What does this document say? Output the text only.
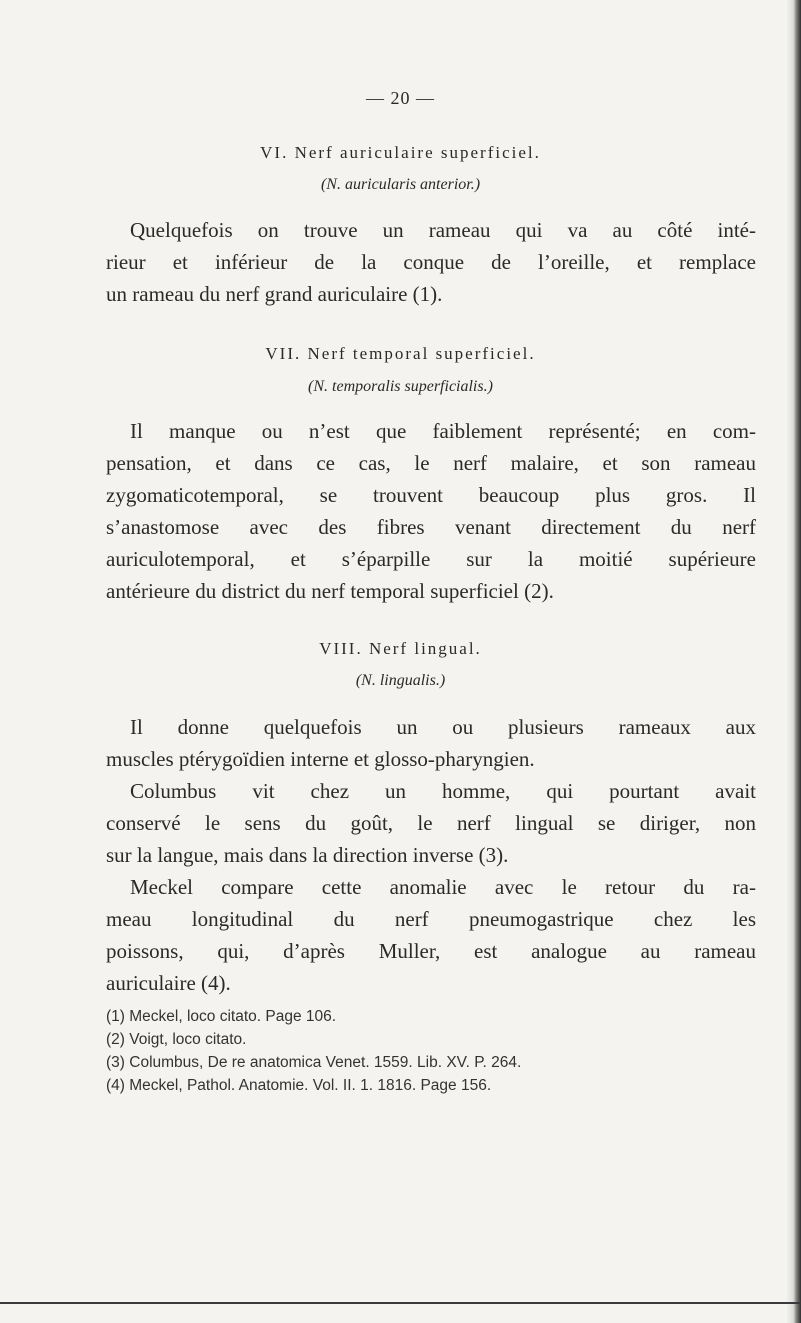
— 20 —
VI. Nerf auriculaire superficiel.
(N. auricularis anterior.)
Quelquefois on trouve un rameau qui va au côté inté-
rieur et inférieur de la conque de l’oreille, et remplace
un rameau du nerf grand auriculaire (1).
VII. Nerf temporal superficiel.
(N. temporalis superficialis.)
Il manque ou n’est que faiblement représenté; en com-
pensation, et dans ce cas, le nerf malaire, et son rameau
zygomaticotemporal, se trouvent beaucoup plus gros. Il
s’anastomose avec des fibres venant directement du nerf
auriculotemporal, et s’éparpille sur la moitié supérieure
antérieure du district du nerf temporal superficiel (2).
VIII. Nerf lingual.
(N. lingualis.)
Il donne quelquefois un ou plusieurs rameaux aux
muscles ptérygoïdien interne et glosso-pharyngien.
Columbus vit chez un homme, qui pourtant avait
conservé le sens du goût, le nerf lingual se diriger, non
sur la langue, mais dans la direction inverse (3).
Meckel compare cette anomalie avec le retour du ra-
meau longitudinal du nerf pneumogastrique chez les
poissons, qui, d’après Muller, est analogue au rameau
auriculaire (4).
(1) Meckel, loco citato. Page 106.
(2) Voigt, loco citato.
(3) Columbus, De re anatomica Venet. 1559. Lib. XV. P. 264.
(4) Meckel, Pathol. Anatomie. Vol. II. 1. 1816. Page 156.
